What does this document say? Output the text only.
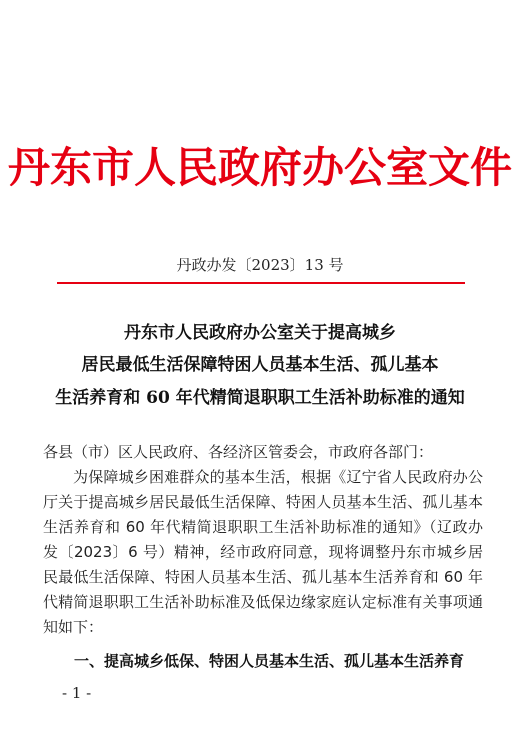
丹东市人民政府办公室文件
丹政办发〔2023〕13 号
丹东市人民政府办公室关于提高城乡
居民最低生活保障特困人员基本生活、孤儿基本
生活养育和 60 年代精简退职职工生活补助标准的通知

各县（市）区人民政府、各经济区管委会，市政府各部门：

为保障城乡困难群众的基本生活，根据《辽宁省人民政府办公厅关于提高城乡居民最低生活保障、特困人员基本生活、孤儿基本生活养育和 60 年代精简退职职工生活补助标准的通知》（辽政办发〔2023〕6 号）精神，经市政府同意，现将调整丹东市城乡居民最低生活保障、特困人员基本生活、孤儿基本生活养育和 60 年代精简退职职工生活补助标准及低保边缘家庭认定标准有关事项通知如下：

一、提高城乡低保、特困人员基本生活、孤儿基本生活养育
- 1 -
